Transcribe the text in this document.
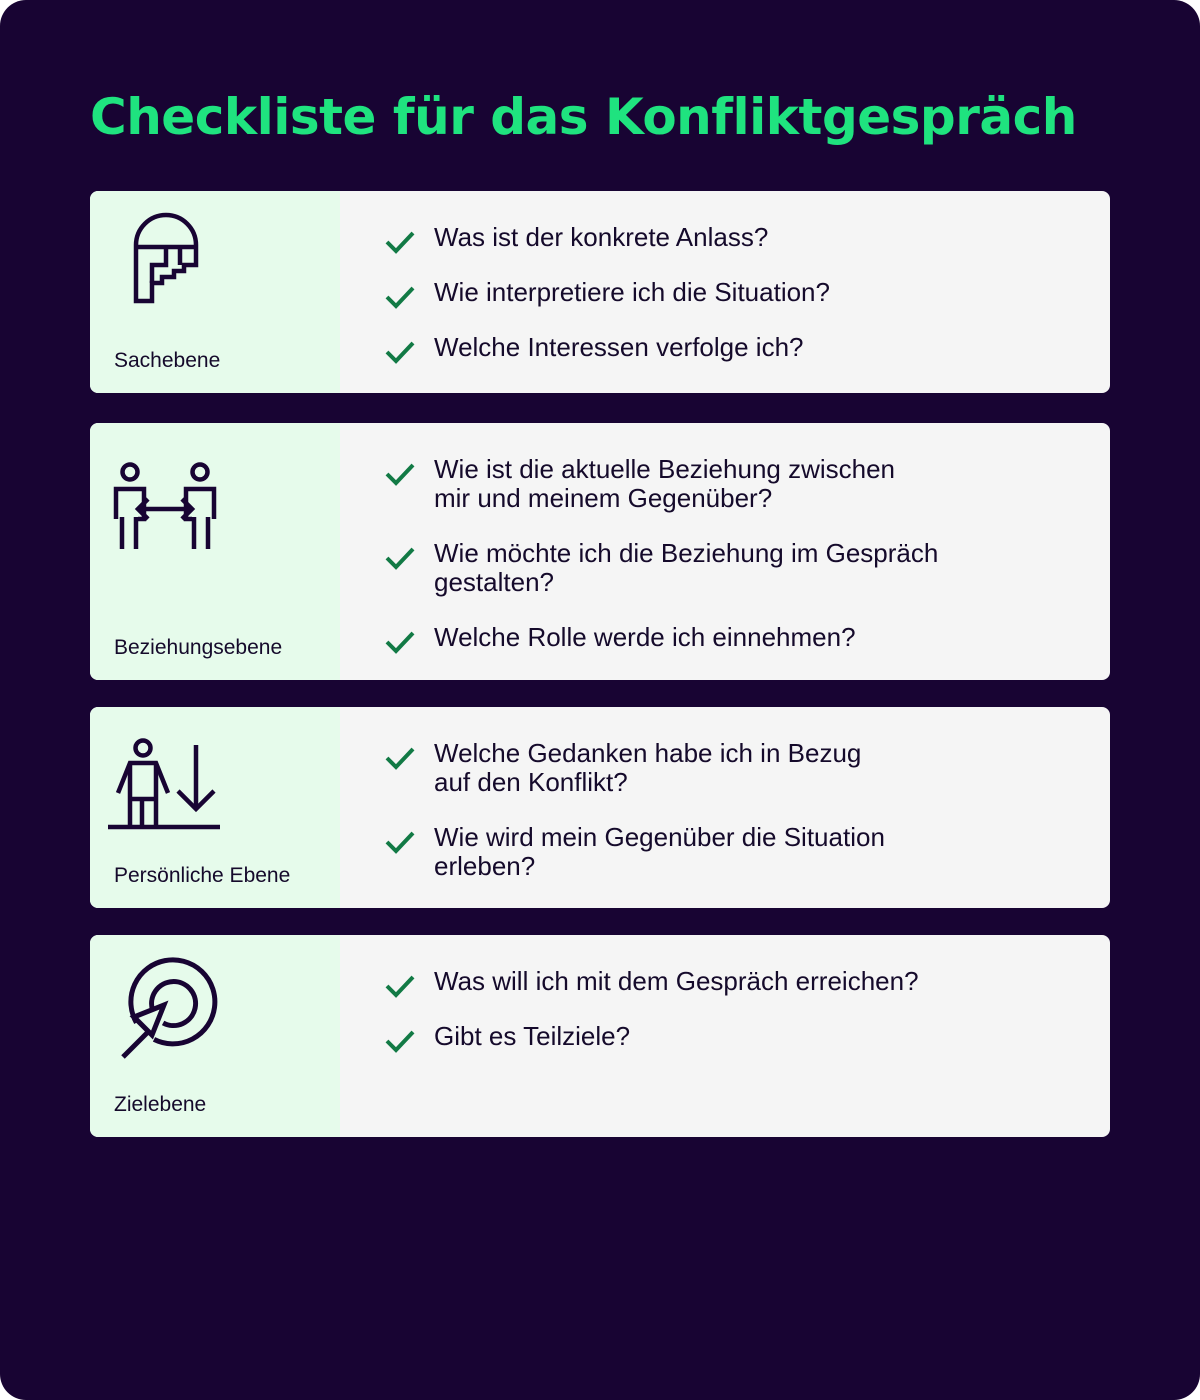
Checkliste für das Konfliktgespräch
Sachebene
Was ist der konkrete Anlass?
Wie interpretiere ich die Situation?
Welche Interessen verfolge ich?
Beziehungsebene
Wie ist die aktuelle Beziehung zwischen
mir und meinem Gegenüber?
Wie möchte ich die Beziehung im Gespräch
gestalten?
Welche Rolle werde ich einnehmen?
Persönliche Ebene
Welche Gedanken habe ich in Bezug
auf den Konflikt?
Wie wird mein Gegenüber die Situation
erleben?
Zielebene
Was will ich mit dem Gespräch erreichen?
Gibt es Teilziele?
